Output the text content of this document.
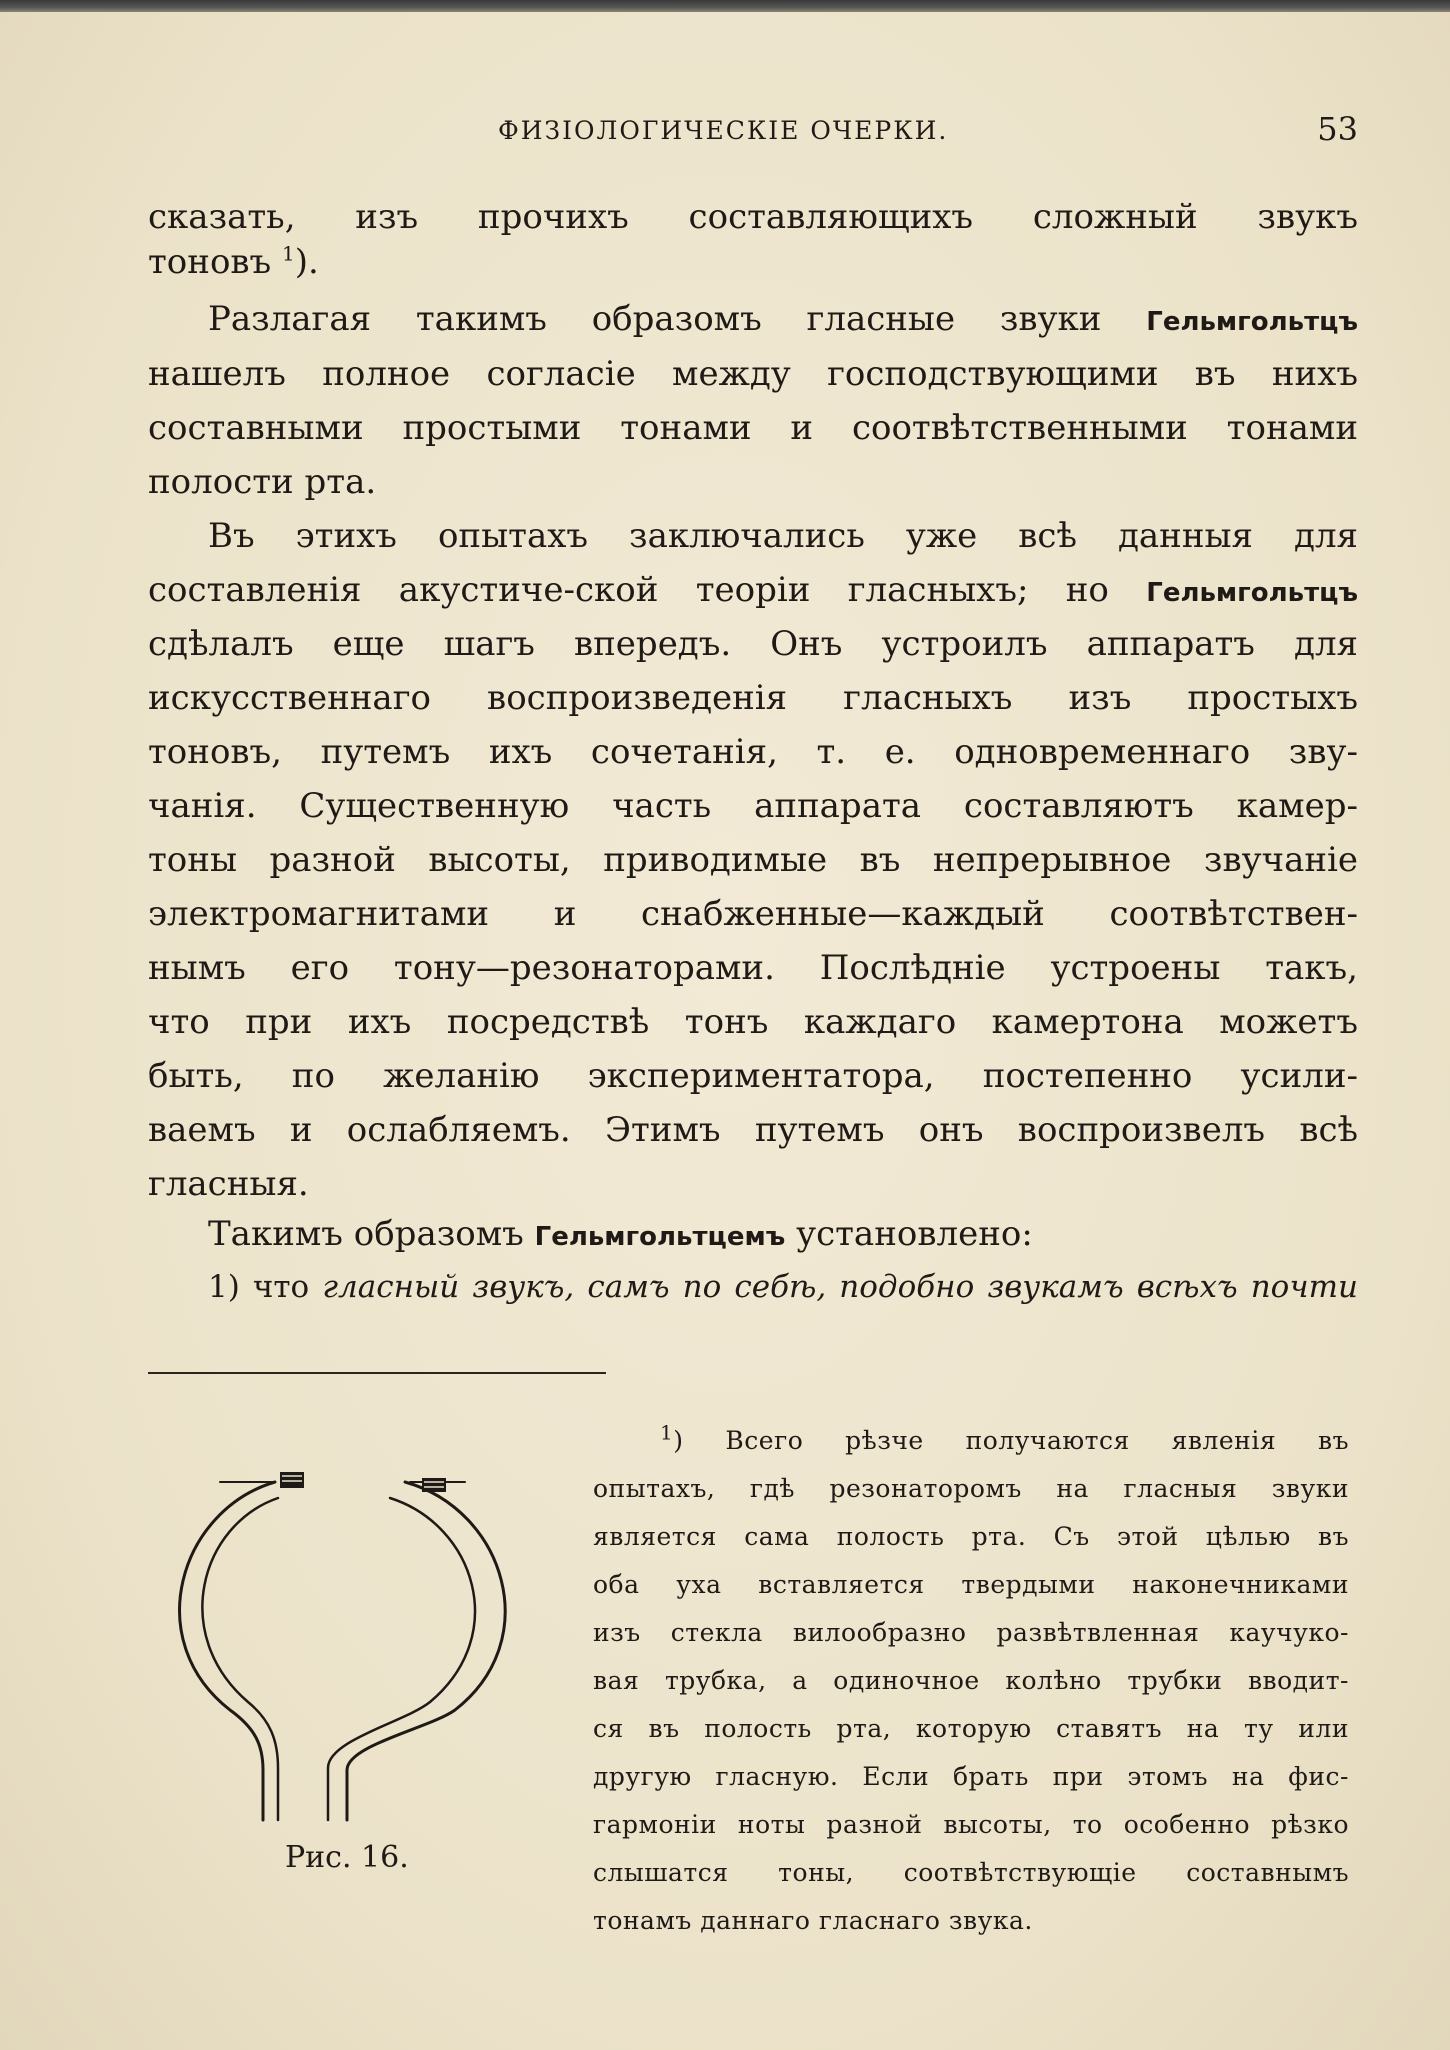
ФИЗІОЛОГИЧЕСКІЕ ОЧЕРКИ.	53
сказать, изъ прочихъ составляющихъ сложный звукъ
тоновъ $^1$).
Разлагая такимъ образомъ гласные звуки Гельмгольтцъ
нашелъ полное согласіе между господствующими въ нихъ
составными простыми тонами и соотвѣтственными тонами
полости рта.
Въ этихъ опытахъ заключались уже всѣ данныя для
составленія акустиче-ской теоріи гласныхъ; но Гельмгольтцъ
сдѣлалъ еще шагъ впередъ. Онъ устроилъ аппаратъ для
искусственнаго воспроизведенія гласныхъ изъ простыхъ
тоновъ, путемъ ихъ сочетанія, т. е. одновременнаго зву-
чанія. Существенную часть аппарата составляютъ камер-
тоны разной высоты, приводимые въ непрерывное звучаніе
электромагнитами и снабженные—каждый соотвѣтствен-
нымъ его тону—резонаторами. Послѣдніе устроены такъ,
что при ихъ посредствѣ тонъ каждаго камертона можетъ
быть, по желанію экспериментатора, постепенно усили-
ваемъ и ослабляемъ. Этимъ путемъ онъ воспроизвелъ всѣ
гласныя.
Такимъ образомъ Гельмгольтцемъ установлено:
1) что гласный звукъ, самъ по себѣ, подобно звукамъ всѣхъ почти
Рис. 16.
$^1$) Всего рѣзче получаются явленія въ
опытахъ, гдѣ резонаторомъ на гласныя звуки
является сама полость рта. Съ этой цѣлью въ
оба уха вставляется твердыми наконечниками
изъ стекла вилообразно развѣтвленная каучуко-
вая трубка, а одиночное колѣно трубки вводит-
ся въ полость рта, которую ставятъ на ту или
другую гласную. Если брать при этомъ на фис-
гармоніи ноты разной высоты, то особенно рѣзко
слышатся тоны, соотвѣтствующіе составнымъ
тонамъ даннаго гласнаго звука.
